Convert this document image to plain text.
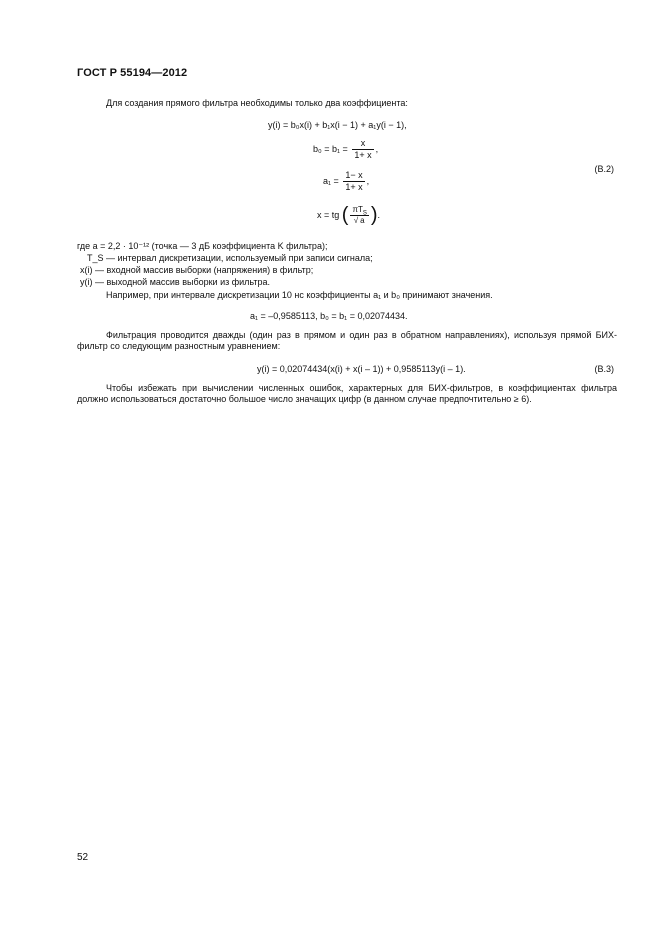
ГОСТ Р 55194—2012
Для создания прямого фильтра необходимы только два коэффициента:
y(i) = b₀x(i) + b₁x(i − 1) + a₁y(i − 1),
$b_0 = b_1 = \frac{x}{1+ x}$ ,
$a_1 = \frac{1- x}{1+ x}$ ,
(В.2)
x = tg ( $\frac{\pi T_S}{√ a}$ ).
где a = 2,2 · 10⁻¹² (точка — 3 дБ коэффициента K фильтра);
T_S — интервал дискретизации, используемый при записи сигнала;
x(i) — входной массив выборки (напряжения) в фильтр;
y(i) — выходной массив выборки из фильтра.
Например, при интервале дискретизации 10 нс коэффициенты a₁ и b₀ принимают значения.
a₁ = –0,9585113, b₀ = b₁ = 0,02074434.
Фильтрация проводится дважды (один раз в прямом и один раз в обратном направлениях), используя прямой БИХ-фильтр со следующим разностным уравнением:
y(i) = 0,02074434(x(i) + x(i – 1)) + 0,9585113y(i – 1).	(В.3)
Чтобы избежать при вычислении численных ошибок, характерных для БИХ-фильтров, в коэффициентах фильтра должно использоваться достаточно большое число значащих цифр (в данном случае предпочтительно ≥ 6).
52
